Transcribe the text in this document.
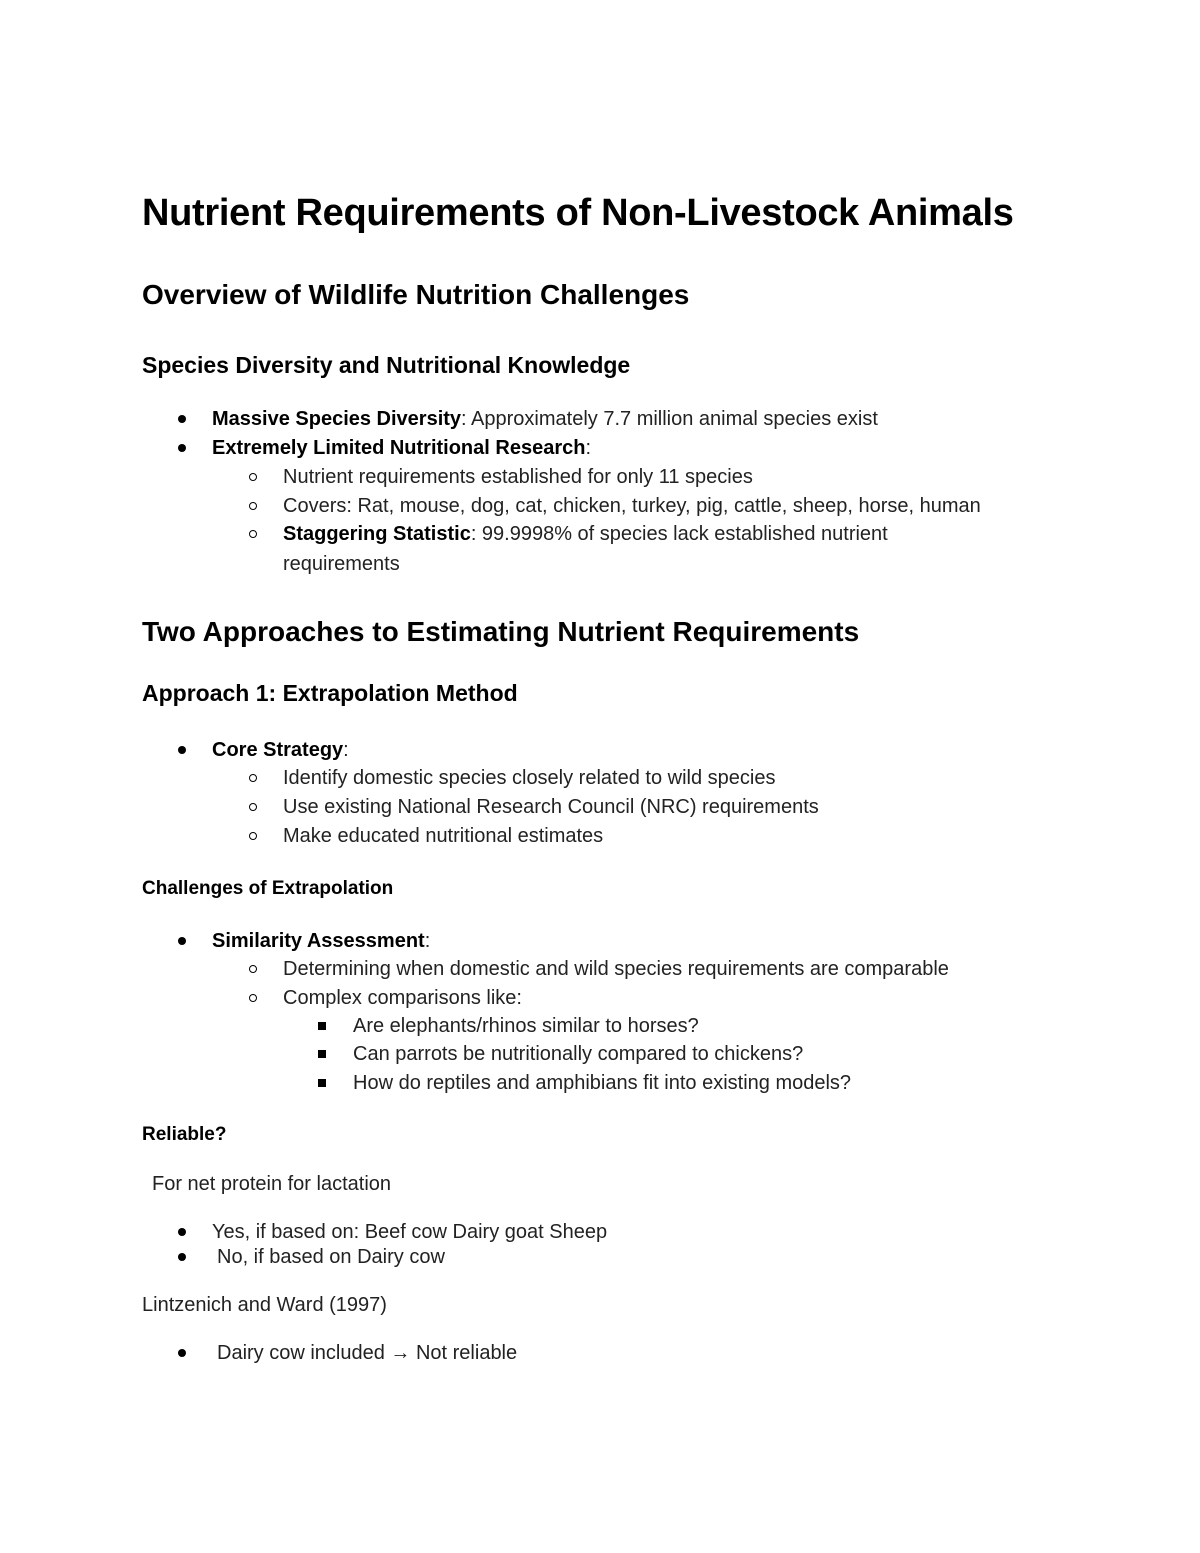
Nutrient Requirements of Non-Livestock Animals
Overview of Wildlife Nutrition Challenges
Species Diversity and Nutritional Knowledge

Massive Species Diversity: Approximately 7.7 million animal species exist

Extremely Limited Nutritional Research:

Nutrient requirements established for only 11 species

Covers: Rat, mouse, dog, cat, chicken, turkey, pig, cattle, sheep, horse, human

Staggering Statistic: 99.9998% of species lack established nutrient

requirements

Two Approaches to Estimating Nutrient Requirements
Approach 1: Extrapolation Method

Core Strategy:

Identify domestic species closely related to wild species

Use existing National Research Council (NRC) requirements

Make educated nutritional estimates

Challenges of Extrapolation

Similarity Assessment:

Determining when domestic and wild species requirements are comparable

Complex comparisons like:

Are elephants/rhinos similar to horses?

Can parrots be nutritionally compared to chickens?

How do reptiles and amphibians fit into existing models?

Reliable?

For net protein for lactation

Yes, if based on: Beef cow Dairy goat Sheep

No, if based on Dairy cow

Lintzenich and Ward (1997)

Dairy cow included → Not reliable
